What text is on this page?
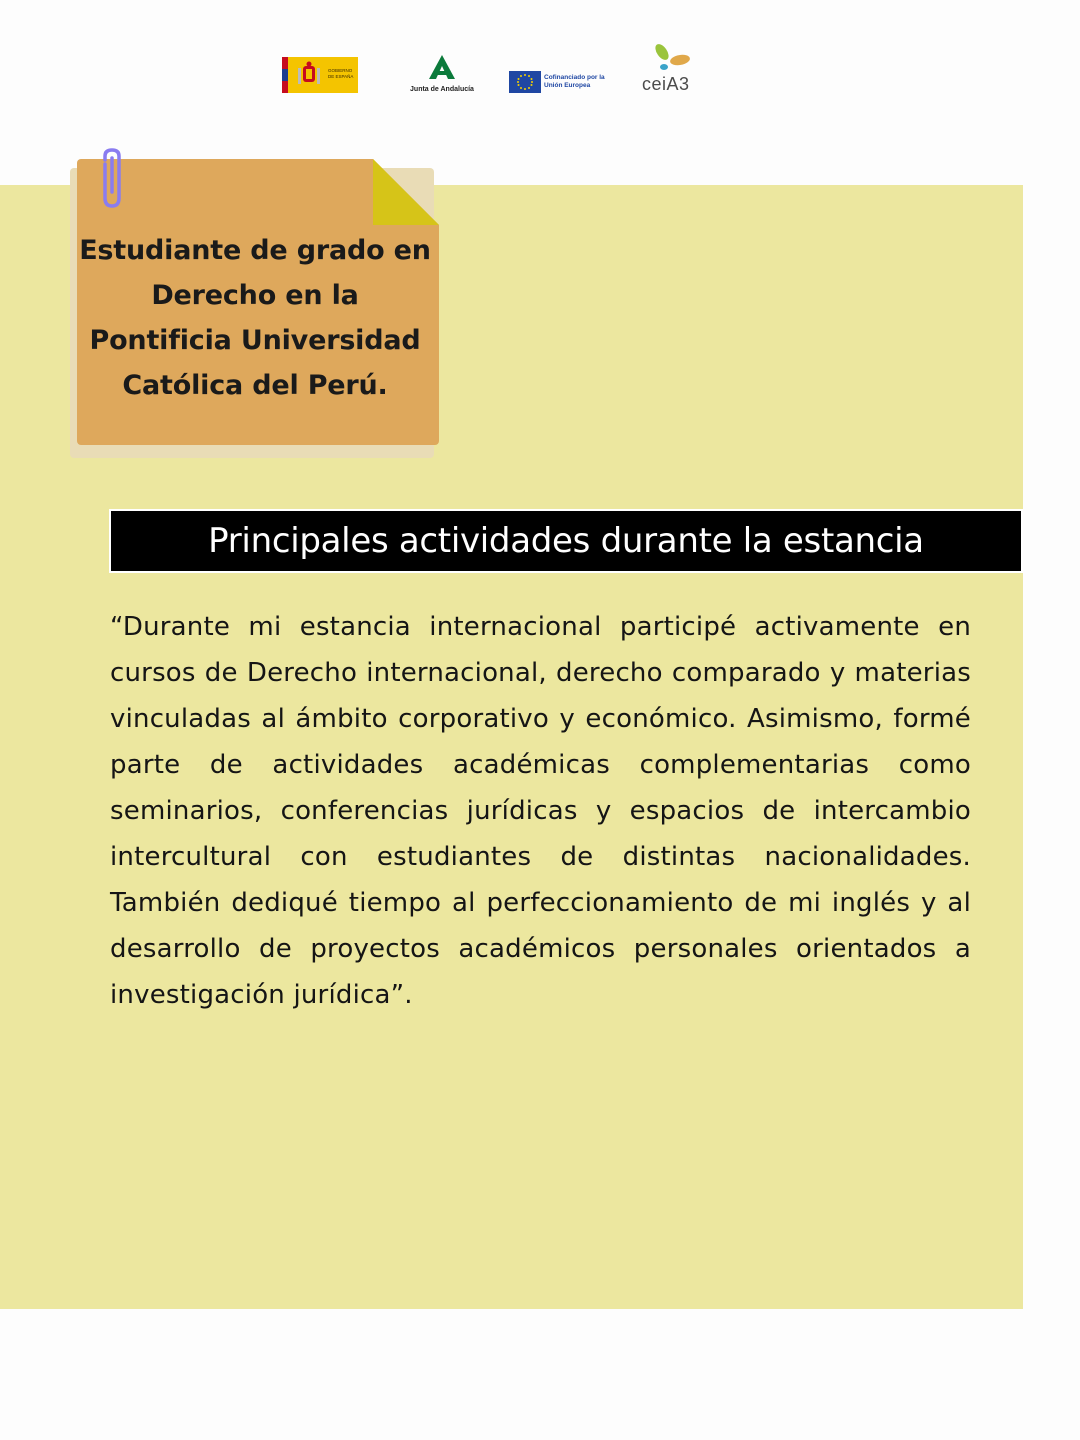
GOBIERNO DE ESPAÑA
Junta de Andalucía
Cofinanciado por la Unión Europea	ceiA3
Estudiante de grado en Derecho en la Pontificia Universidad Católica del Perú.
Principales actividades durante la estancia
“Durante mi estancia internacional participé activamente en cursos de Derecho internacional, derecho comparado y materias vinculadas al ámbito corporativo y económico. Asimismo, formé parte de actividades académicas complementarias como seminarios, conferencias jurídicas y espacios de intercambio intercultural con estudiantes de distintas nacionalidades. También dediqué tiempo al perfeccionamiento de mi inglés y al desarrollo de proyectos académicos personales orientados a investigación jurídica”.
